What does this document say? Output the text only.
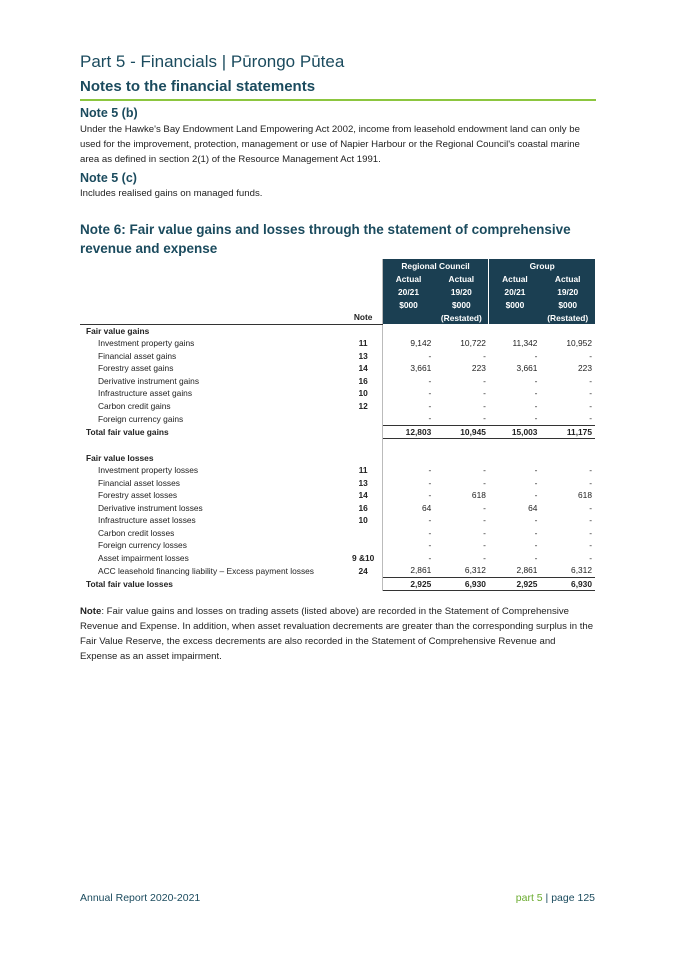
Part 5 - Financials | Pūrongo Pūtea
Notes to the financial statements
Note 5 (b)
Under the Hawke's Bay Endowment Land Empowering Act 2002, income from leasehold endowment land can only be used for the improvement, protection, management or use of Napier Harbour or the Regional Council's coastal marine area as defined in section 2(1) of the Resource Management Act 1991.
Note 5 (c)
Includes realised gains on managed funds.
Note 6: Fair value gains and losses through the statement of comprehensive revenue and expense
		Regional Council		Group	
		Actual	Actual	Actual	Actual
		20/21	19/20	20/21	19/20
		$000	$000	$000	$000
	Note		(Restated)		(Restated)
Fair value gains					
Investment property gains	11	9,142	10,722	11,342	10,952
Financial asset gains	13	-	-	-	-
Forestry asset gains	14	3,661	223	3,661	223
Derivative instrument gains	16	-	-	-	-
Infrastructure asset gains	10	-	-	-	-
Carbon credit gains	12	-	-	-	-
Foreign currency gains		-	-	-	-
Total fair value gains		12,803	10,945	15,003	11,175

Fair value losses					
Investment property losses	11	-	-	-	-
Financial asset losses	13	-	-	-	-
Forestry asset losses	14	-	618	-	618
Derivative instrument losses	16	64	-	64	-
Infrastructure asset losses	10	-	-	-	-
Carbon credit losses		-	-	-	-
Foreign currency losses		-	-	-	-
Asset impairment losses	9 &10	-	-	-	-
ACC leasehold financing liability – Excess payment losses	24	2,861	6,312	2,861	6,312
Total fair value losses		2,925	6,930	2,925	6,930
Note: Fair value gains and losses on trading assets (listed above) are recorded in the Statement of Comprehensive Revenue and Expense. In addition, when asset revaluation decrements are greater than the corresponding surplus in the Fair Value Reserve, the excess decrements are also recorded in the Statement of Comprehensive Revenue and Expense as an asset impairment.
Annual Report 2020-2021	part 5 | page 125
